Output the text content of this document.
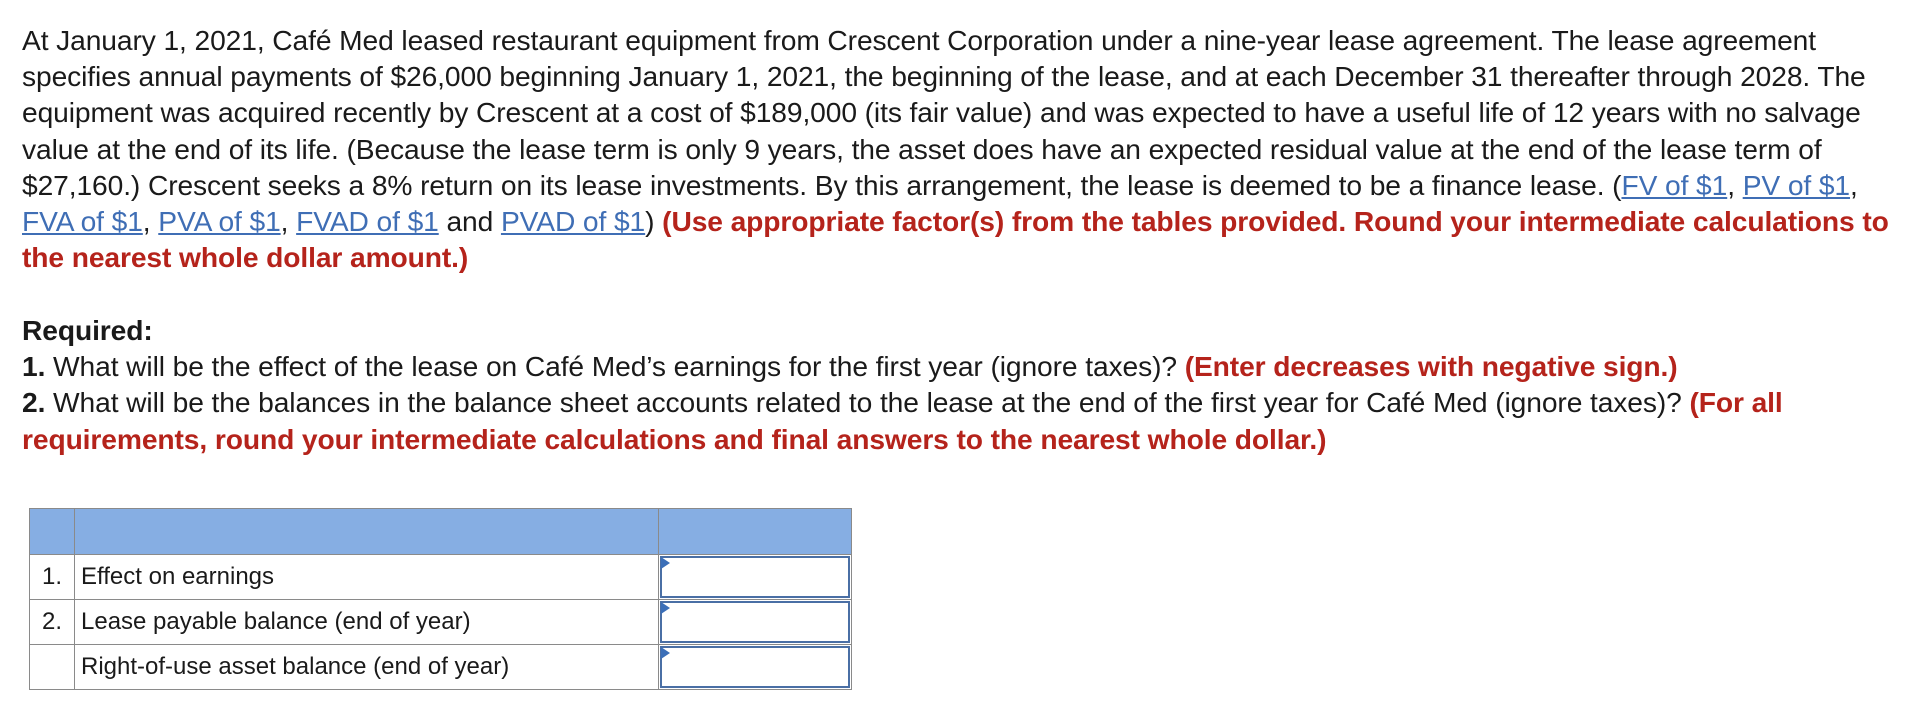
At January 1, 2021, Café Med leased restaurant equipment from Crescent Corporation under a nine-year lease agreement. The lease agreement specifies annual payments of $26,000 beginning January 1, 2021, the beginning of the lease, and at each December 31 thereafter through 2028. The equipment was acquired recently by Crescent at a cost of $189,000 (its fair value) and was expected to have a useful life of 12 years with no salvage value at the end of its life. (Because the lease term is only 9 years, the asset does have an expected residual value at the end of the lease term of $27,160.) Crescent seeks a 8% return on its lease investments. By this arrangement, the lease is deemed to be a finance lease. (FV of $1, PV of $1, FVA of $1, PVA of $1, FVAD of $1 and PVAD of $1) (Use appropriate factor(s) from the tables provided. Round your intermediate calculations to the nearest whole dollar amount.)
Required:
1. What will be the effect of the lease on Café Med’s earnings for the first year (ignore taxes)? (Enter decreases with negative sign.)
2. What will be the balances in the balance sheet accounts related to the lease at the end of the first year for Café Med (ignore taxes)? (For all requirements, round your intermediate calculations and final answers to the nearest whole dollar.)

1.	Effect on earnings	

2.	Lease payable balance (end of year)	

	Right-of-use asset balance (end of year)	
